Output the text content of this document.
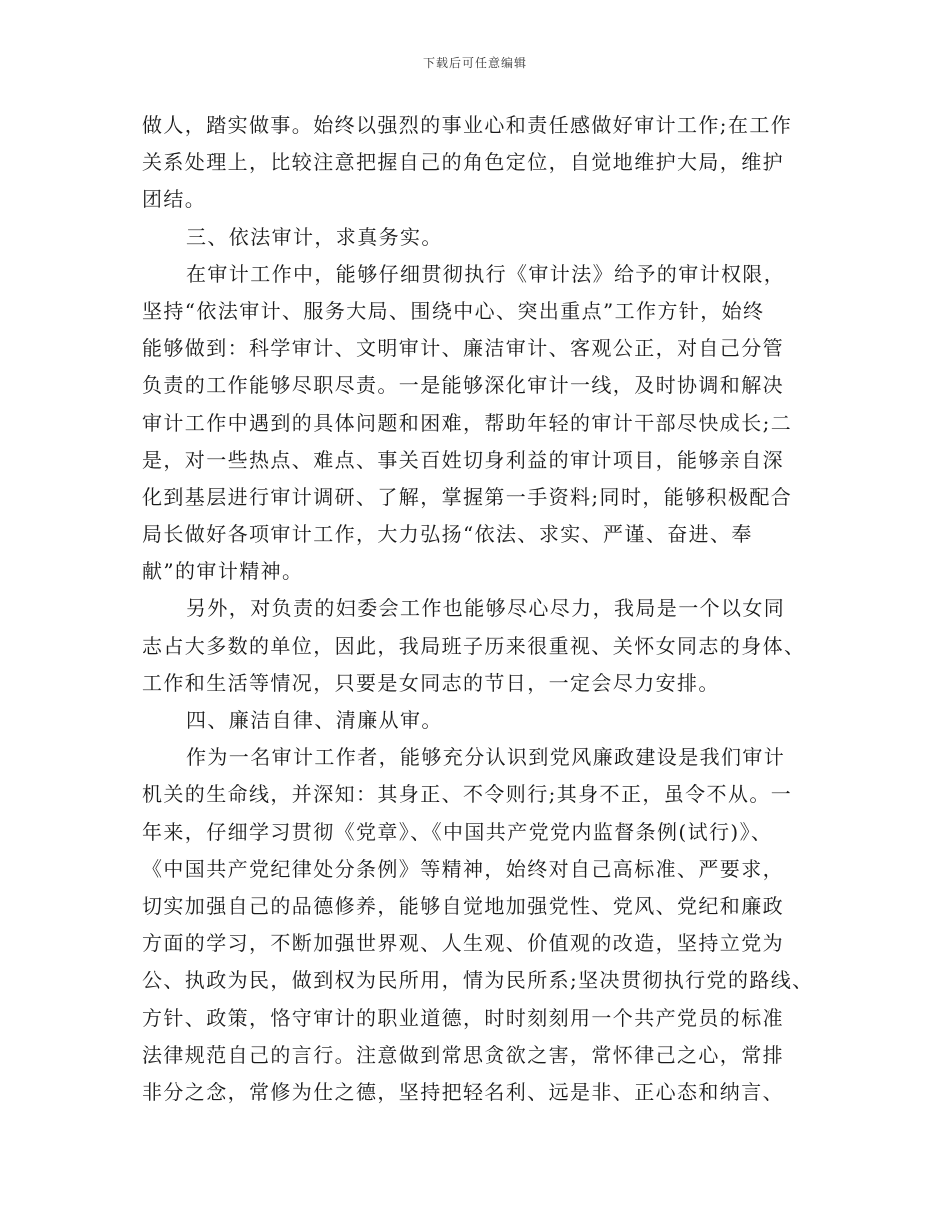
下载后可任意编辑
做人，踏实做事。始终以强烈的事业心和责任感做好审计工作;在工作
关系处理上，比较注意把握自己的角色定位，自觉地维护大局，维护
团结。
三、依法审计，求真务实。
在审计工作中，能够仔细贯彻执行《审计法》给予的审计权限，
坚持“依法审计、服务大局、围绕中心、突出重点”工作方针，始终
能够做到：科学审计、文明审计、廉洁审计、客观公正，对自己分管
负责的工作能够尽职尽责。一是能够深化审计一线，及时协调和解决
审计工作中遇到的具体问题和困难，帮助年轻的审计干部尽快成长;二
是，对一些热点、难点、事关百姓切身利益的审计项目，能够亲自深
化到基层进行审计调研、了解，掌握第一手资料;同时，能够积极配合
局长做好各项审计工作，大力弘扬“依法、求实、严谨、奋进、奉
献”的审计精神。
另外，对负责的妇委会工作也能够尽心尽力，我局是一个以女同
志占大多数的单位，因此，我局班子历来很重视、关怀女同志的身体、
工作和生活等情况，只要是女同志的节日，一定会尽力安排。
四、廉洁自律、清廉从审。
作为一名审计工作者，能够充分认识到党风廉政建设是我们审计
机关的生命线，并深知：其身正、不令则行;其身不正，虽令不从。一
年来，仔细学习贯彻《党章》、《中国共产党党内监督条例(试行)》、
《中国共产党纪律处分条例》等精神，始终对自己高标准、严要求，
切实加强自己的品德修养，能够自觉地加强党性、党风、党纪和廉政
方面的学习，不断加强世界观、人生观、价值观的改造，坚持立党为
公、执政为民，做到权为民所用，情为民所系;坚决贯彻执行党的路线、
方针、政策，恪守审计的职业道德，时时刻刻用一个共产党员的标准
法律规范自己的言行。注意做到常思贪欲之害，常怀律己之心，常排
非分之念，常修为仕之德，坚持把轻名利、远是非、正心态和纳言、
